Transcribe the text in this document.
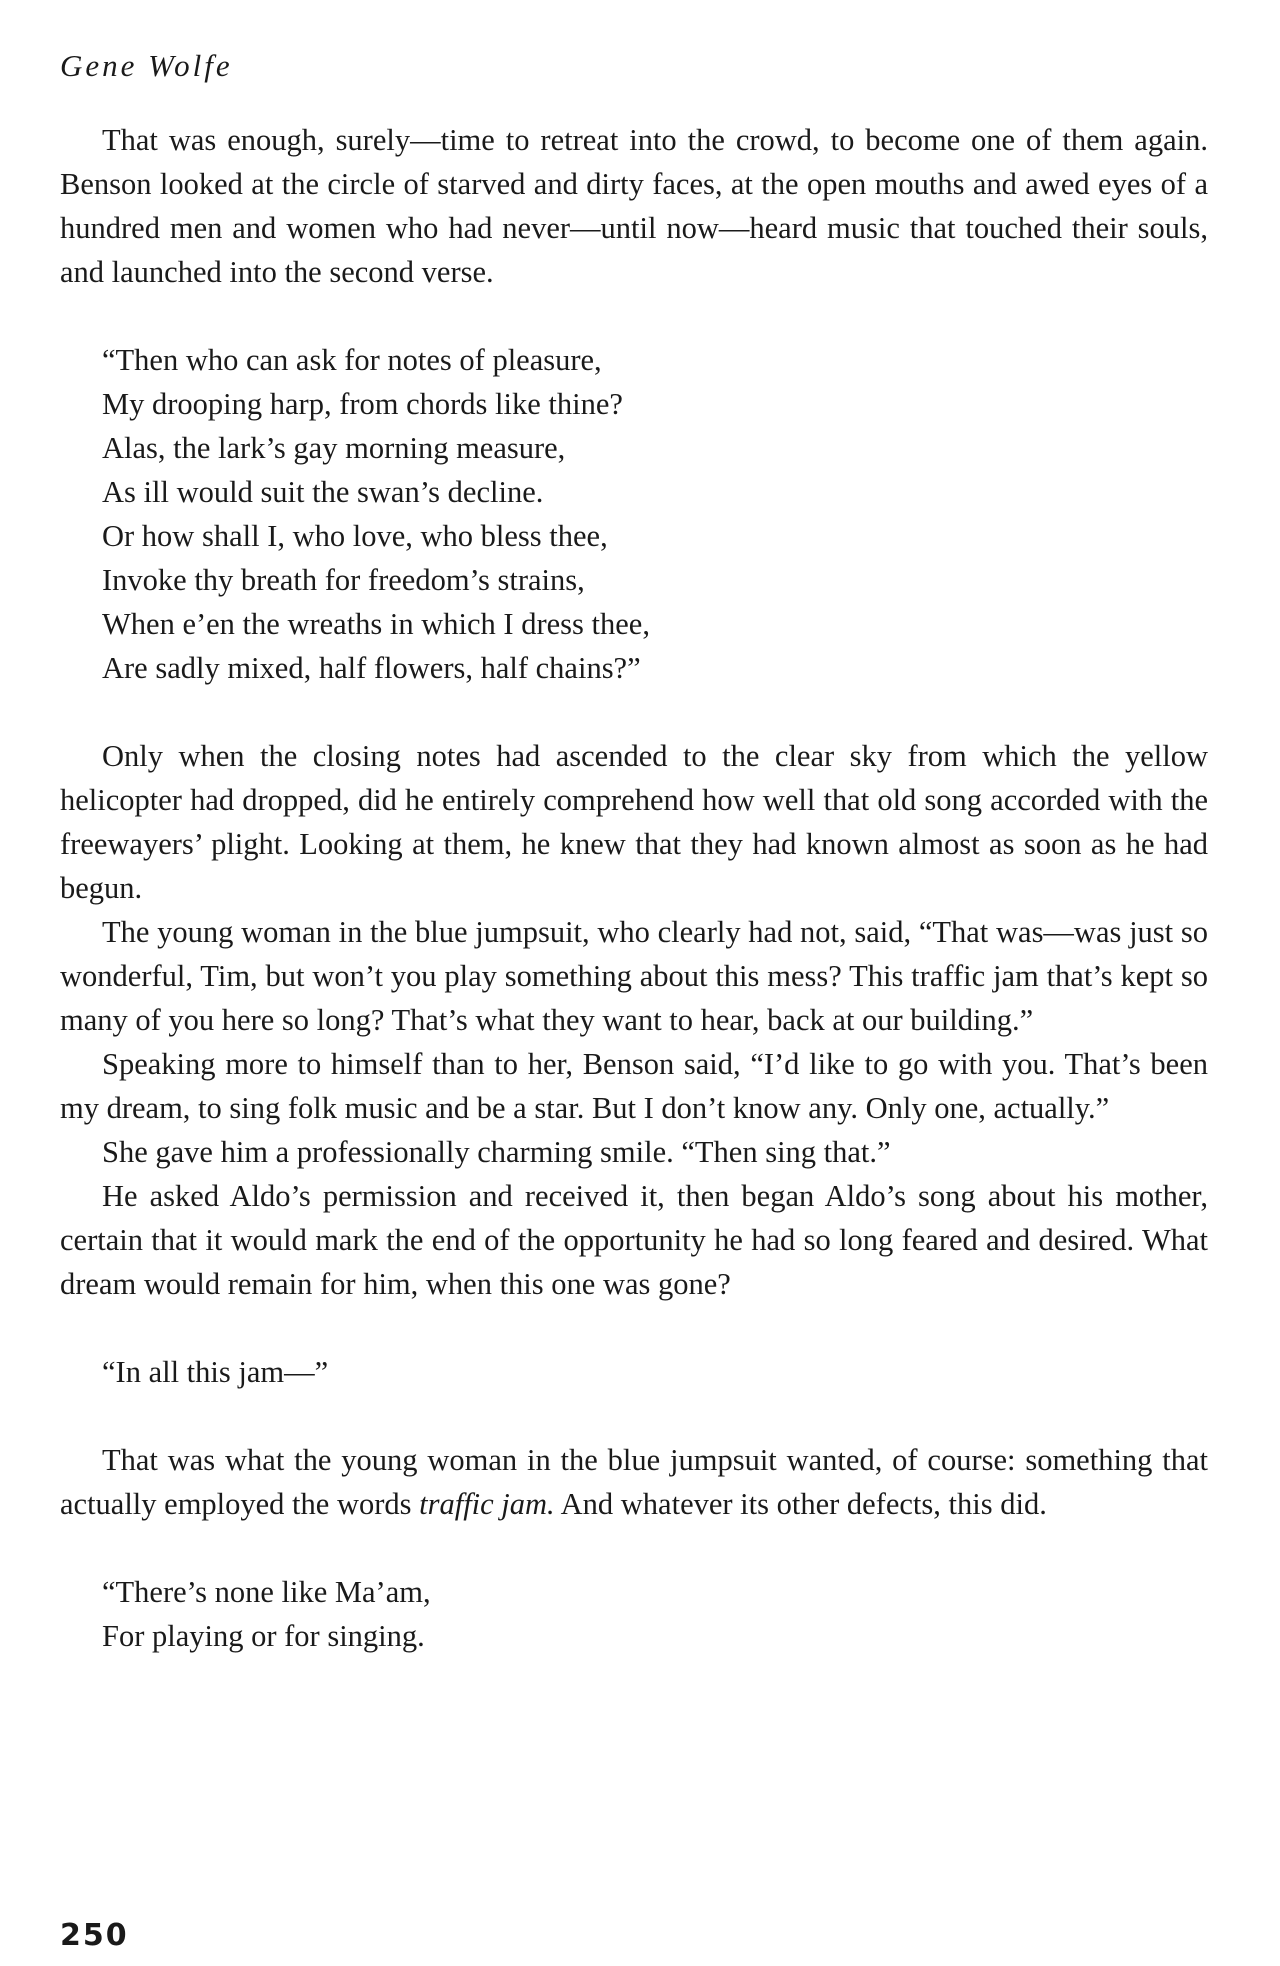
Gene Wolfe

That was enough, surely—time to retreat into the crowd, to become one of them again. Benson looked at the circle of starved and dirty faces, at the open mouths and awed eyes of a hundred men and women who had never—until now—heard music that touched their souls, and launched into the second verse.

“Then who can ask for notes of pleasure,
My drooping harp, from chords like thine?
Alas, the lark’s gay morning measure,
As ill would suit the swan’s decline.
Or how shall I, who love, who bless thee,
Invoke thy breath for freedom’s strains,
When e’en the wreaths in which I dress thee,
Are sadly mixed, half flowers, half chains?”

Only when the closing notes had ascended to the clear sky from which the yellow helicopter had dropped, did he entirely comprehend how well that old song accorded with the freewayers’ plight. Looking at them, he knew that they had known almost as soon as he had begun.

The young woman in the blue jumpsuit, who clearly had not, said, “That was—was just so wonderful, Tim, but won’t you play something about this mess? This traffic jam that’s kept so many of you here so long? That’s what they want to hear, back at our building.”

Speaking more to himself than to her, Benson said, “I’d like to go with you. That’s been my dream, to sing folk music and be a star. But I don’t know any. Only one, actually.”

She gave him a professionally charming smile. “Then sing that.”

He asked Aldo’s permission and received it, then began Aldo’s song about his mother, certain that it would mark the end of the opportunity he had so long feared and desired. What dream would remain for him, when this one was gone?

“In all this jam—”

That was what the young woman in the blue jumpsuit wanted, of course: something that actually employed the words traffic jam. And whatever its other defects, this did.

“There’s none like Ma’am,
For playing or for singing.
250
